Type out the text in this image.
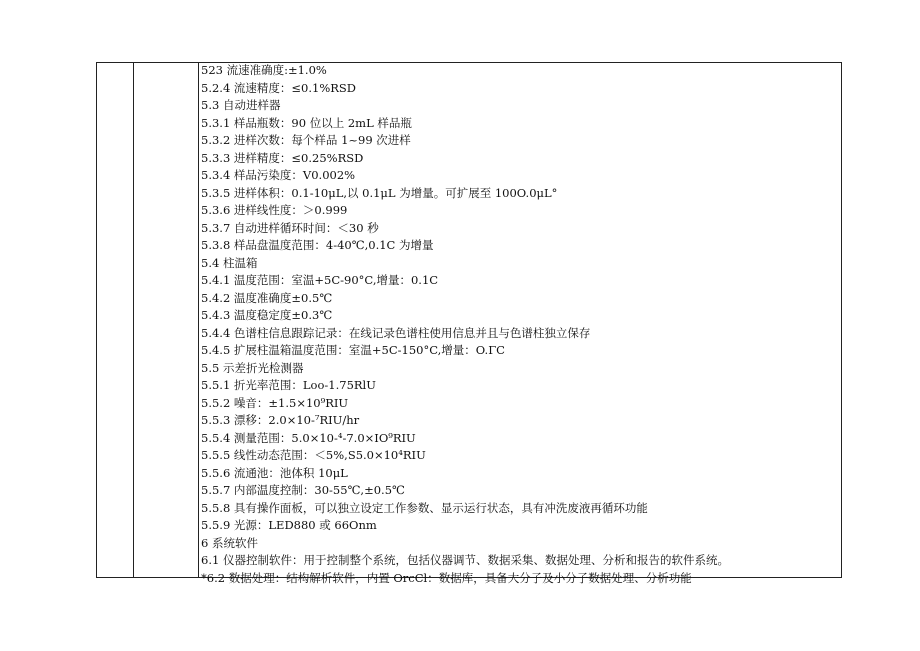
523 流速准确度:±1.0%
5.2.4 流速精度：≤0.1%RSD
5.3 自动进样器
5.3.1 样品瓶数：90 位以上 2mL 样品瓶
5.3.2 进样次数：每个样品 1~99 次进样
5.3.3 进样精度：≤0.25%RSD
5.3.4 样品污染度：V0.002%
5.3.5 进样体积：0.1-10μL,以 0.1μL 为增量。可扩展至 100O.0μL°
5.3.6 进样线性度：＞0.999
5.3.7 自动进样循环时间：＜30 秒
5.3.8 样品盘温度范围：4-40℃,0.1C 为增量
5.4 柱温箱
5.4.1 温度范围：室温+5C-90°C,增量：0.1C
5.4.2 温度准确度±0.5℃
5.4.3 温度稳定度±0.3℃
5.4.4 色谱柱信息跟踪记录：在线记录色谱柱使用信息并且与色谱柱独立保存
5.4.5 扩展柱温箱温度范围：室温+5C-150°C,增量：O.ΓC
5.5 示差折光检测器
5.5.1 折光率范围：Loo-1.75RlU
5.5.2 噪音：±1.5×10⁹RIU
5.5.3 漂移：2.0×10-⁷RIU/hr
5.5.4 测量范围：5.0×10-⁴-7.0×IO⁹RIU
5.5.5 线性动态范围：＜5%,S5.0×10⁴RIU
5.5.6 流通池：池体积 10μL
5.5.7 内部温度控制：30-55℃,±0.5℃
5.5.8 具有操作面板，可以独立设定工作参数、显示运行状态，具有冲洗废液再循环功能
5.5.9 光源：LED880 或 66Onm
6 系统软件
6.1 仪器控制软件：用于控制整个系统，包括仪器调节、数据采集、数据处理、分析和报告的软件系统。
*6.2 数据处理：结构解析软件，内置 OrcCl：数据库，具备大分子及小分子数据处理、分析功能
